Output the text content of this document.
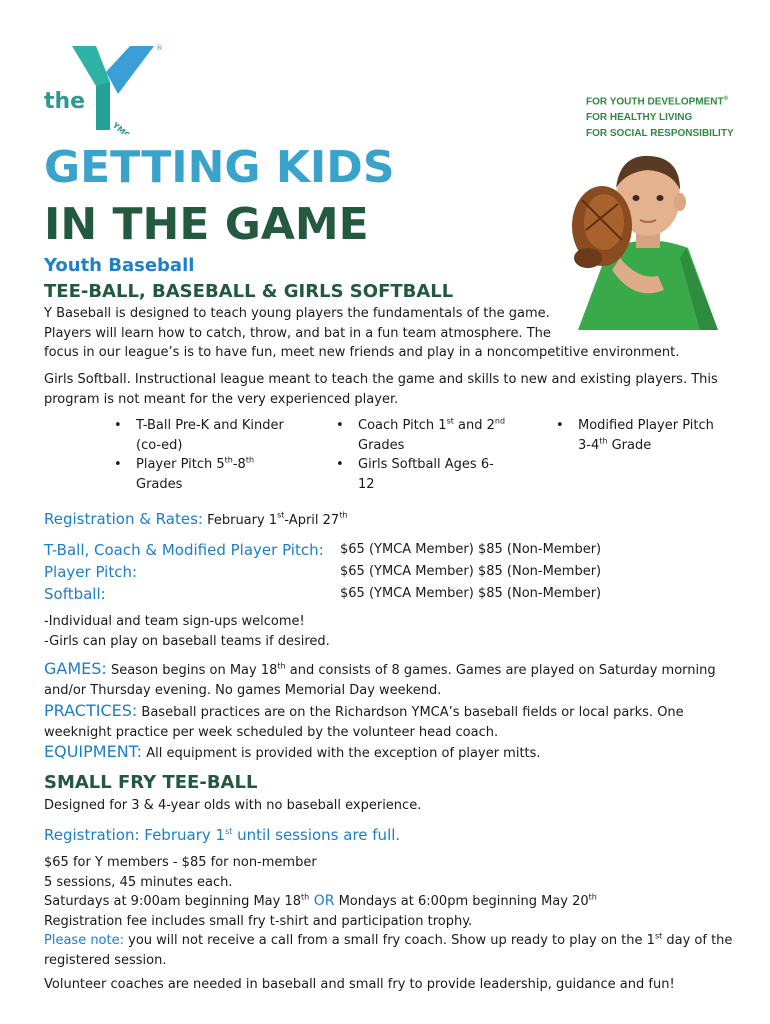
the
YMCA
®
FOR YOUTH DEVELOPMENT®
FOR HEALTHY LIVING
FOR SOCIAL RESPONSIBILITY
GETTING KIDS
IN THE GAME
Youth Baseball
TEE-BALL, BASEBALL & GIRLS SOFTBALL
Y Baseball is designed to teach young players the fundamentals of the game.
Players will learn how to catch, throw, and bat in a fun team atmosphere. The
focus in our league’s is to have fun, meet new friends and play in a noncompetitive environment.
Girls Softball. Instructional league meant to teach the game and skills to new and existing players. This
program is not meant for the very experienced player.
• T-Ball Pre-K and Kinder
(co-ed)
• Player Pitch 5th-8th
Grades
• Coach Pitch 1st and 2nd
Grades
• Girls Softball Ages 6-
12
• Modified Player Pitch
3-4th Grade
Registration & Rates: February 1st-April 27th
T-Ball, Coach & Modified Player Pitch: $65 (YMCA Member) $85 (Non-Member)
Player Pitch:	$65 (YMCA Member) $85 (Non-Member)
Softball:	$65 (YMCA Member) $85 (Non-Member)
-Individual and team sign-ups welcome!
-Girls can play on baseball teams if desired.
GAMES: Season begins on May 18th and consists of 8 games. Games are played on Saturday morning
and/or Thursday evening. No games Memorial Day weekend.
PRACTICES: Baseball practices are on the Richardson YMCA’s baseball fields or local parks. One
weeknight practice per week scheduled by the volunteer head coach.
EQUIPMENT: All equipment is provided with the exception of player mitts.
SMALL FRY TEE-BALL
Designed for 3 & 4-year olds with no baseball experience.
Registration: February 1st until sessions are full.
$65 for Y members - $85 for non-member
5 sessions, 45 minutes each.
Saturdays at 9:00am beginning May 18th OR Mondays at 6:00pm beginning May 20th
Registration fee includes small fry t-shirt and participation trophy.
Please note: you will not receive a call from a small fry coach. Show up ready to play on the 1st day of the
registered session.
Volunteer coaches are needed in baseball and small fry to provide leadership, guidance and fun!
